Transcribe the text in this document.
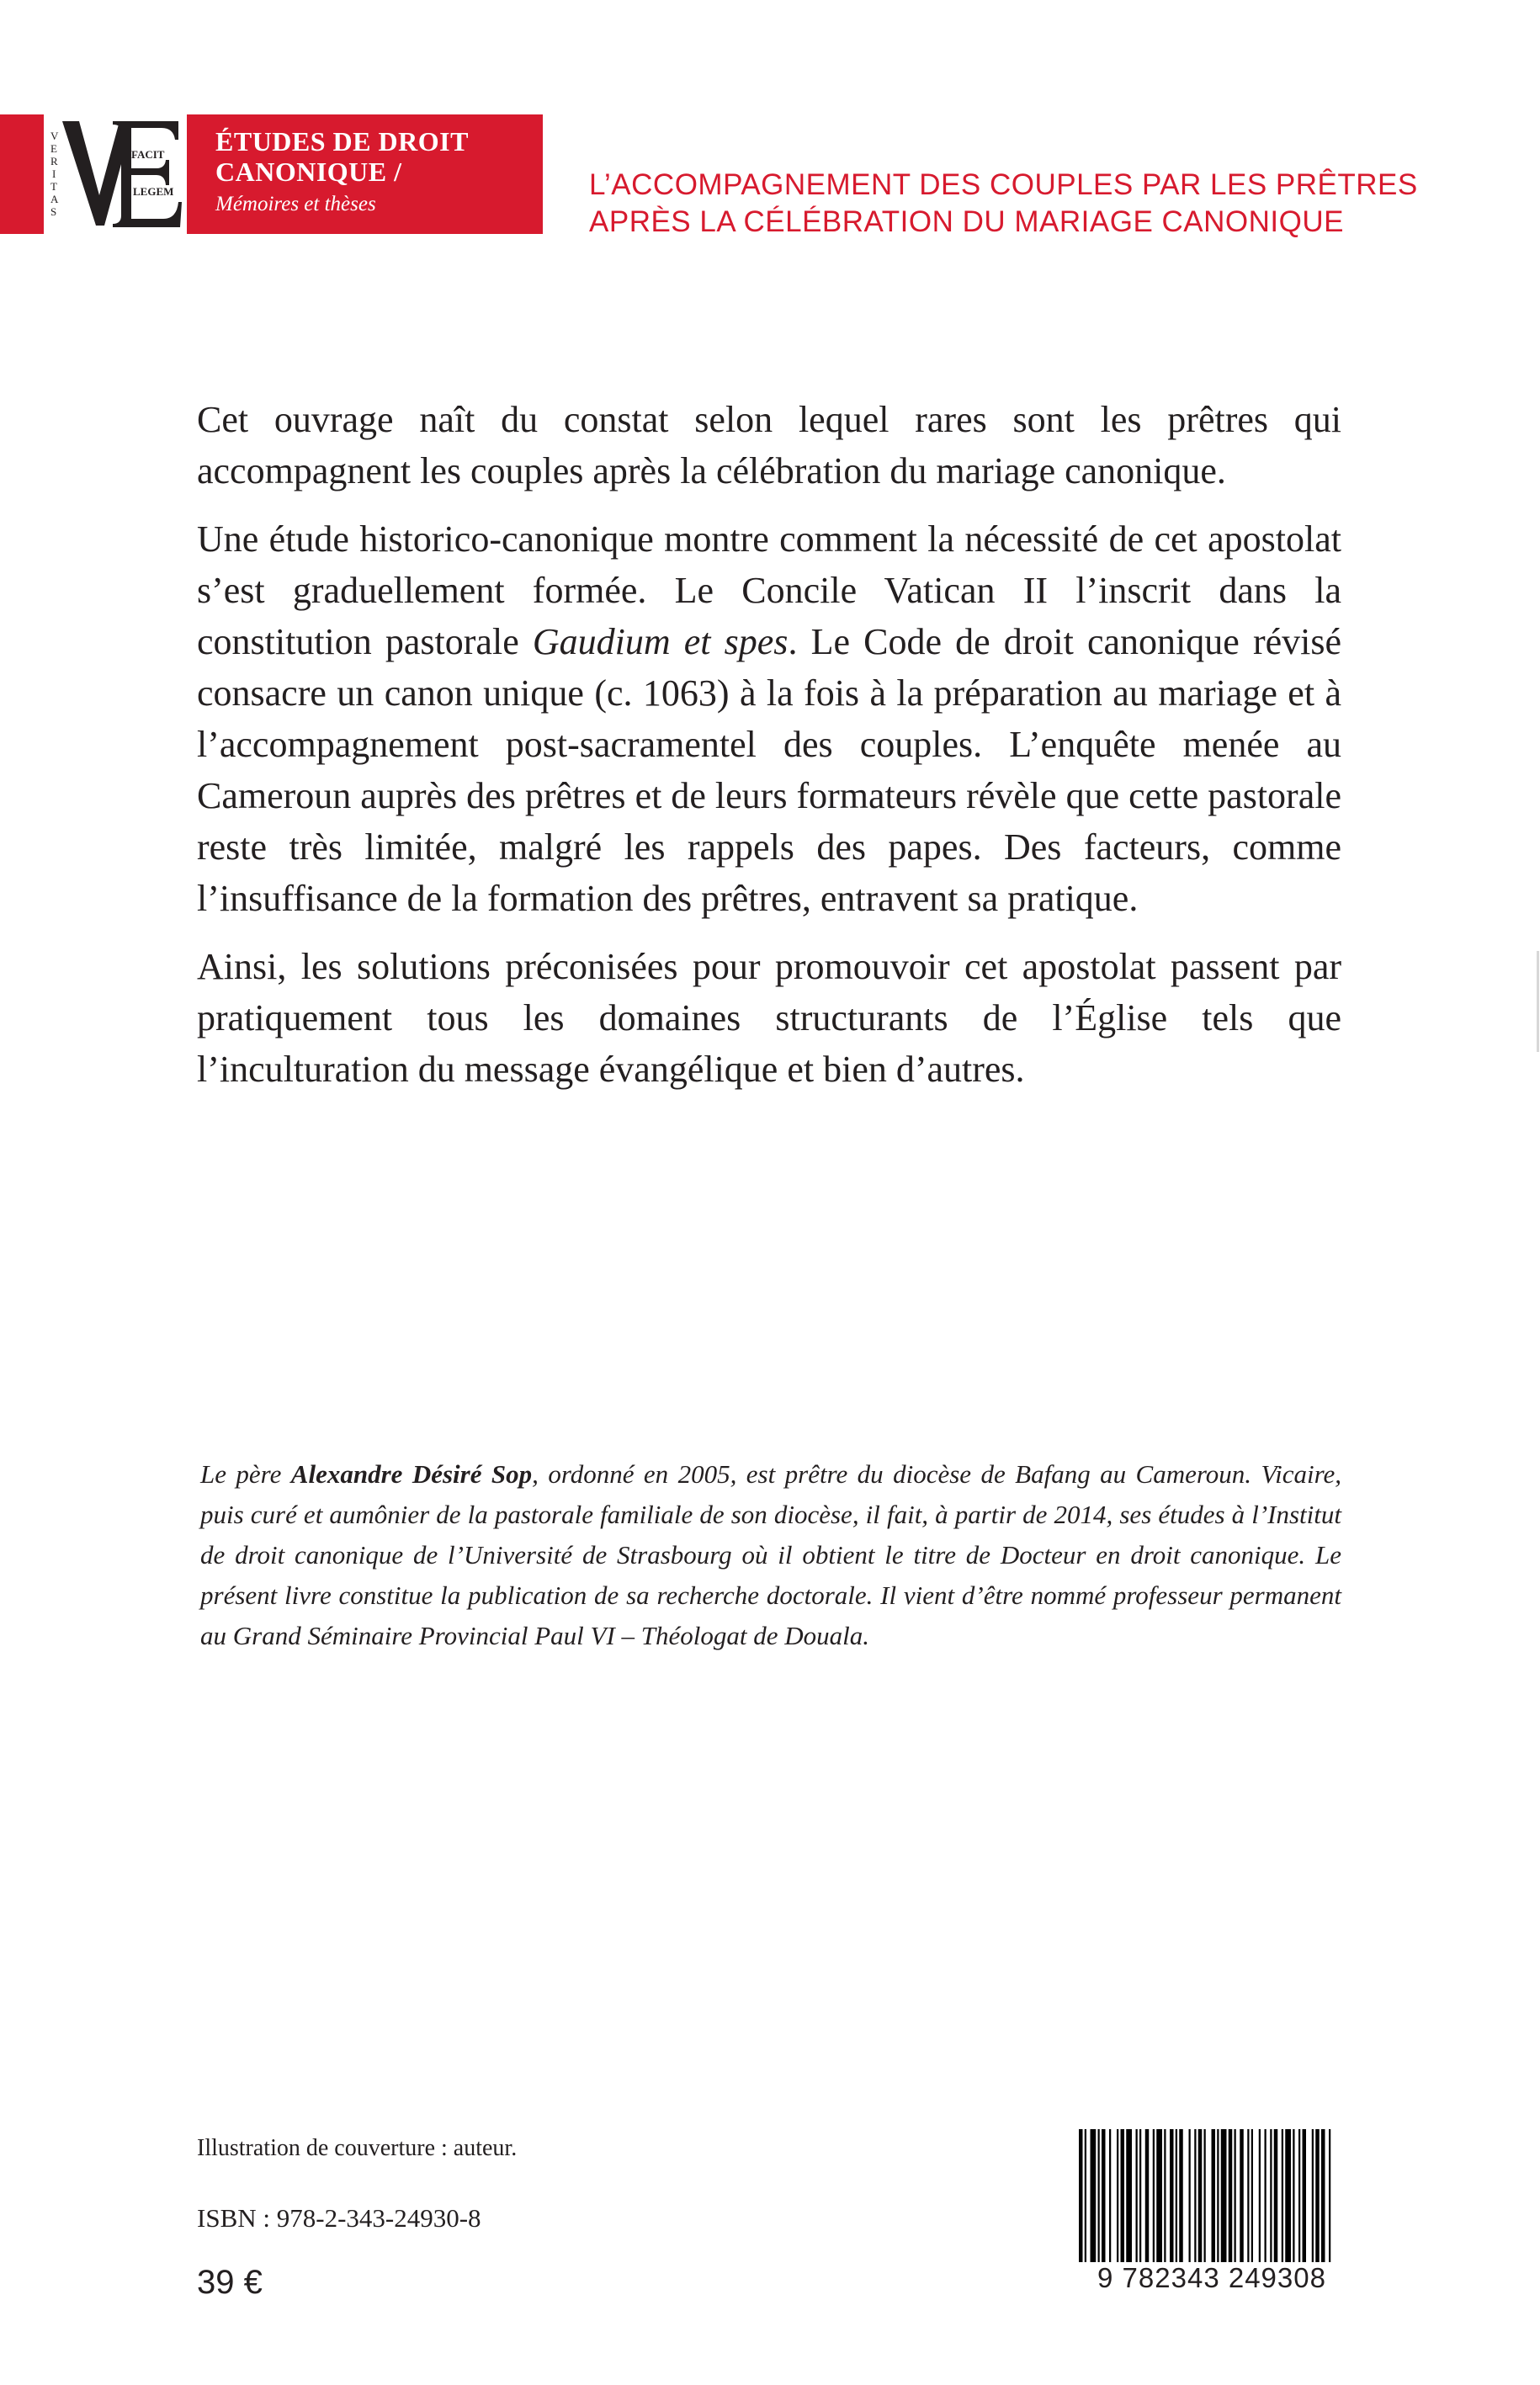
V
E
R
I
T
A
S
FACIT
LEGEM
ÉTUDES DE DROIT
CANONIQUE /
Mémoires et thèses
L’ACCOMPAGNEMENT DES COUPLES PAR LES PRÊTRES
APRÈS LA CÉLÉBRATION DU MARIAGE CANONIQUE

Cet ouvrage naît du constat selon lequel rares sont les prêtres qui accompagnent les couples après la célébration du mariage canonique.

Une étude historico-canonique montre comment la nécessité de cet apostolat s’est graduellement formée. Le Concile Vatican II l’inscrit dans la constitution pastorale Gaudium et spes. Le Code de droit canonique révisé consacre un canon unique (c. 1063) à la fois à la préparation au mariage et à l’accompagnement post-sacramentel des couples. L’enquête menée au Cameroun auprès des prêtres et de leurs formateurs révèle que cette pastorale reste très limitée, malgré les rappels des papes. Des facteurs, comme l’insuffisance de la formation des prêtres, entravent sa pratique.

Ainsi, les solutions préconisées pour promouvoir cet apostolat passent par pratiquement tous les domaines structurants de l’Église tels que l’inculturation du message évangélique et bien d’autres.

Le père Alexandre Désiré Sop, ordonné en 2005, est prêtre du diocèse de Bafang au Cameroun. Vicaire, puis curé et aumônier de la pastorale familiale de son diocèse, il fait, à partir de 2014, ses études à l’Institut de droit canonique de l’Université de Strasbourg où il obtient le titre de Docteur en droit canonique. Le présent livre constitue la publication de sa recherche doctorale. Il vient d’être nommé professeur permanent au Grand Séminaire Provincial Paul VI – Théologat de Douala.
Illustration de couverture : auteur.
ISBN : 978-2-343-24930-8
39 €	9 782343 249308
